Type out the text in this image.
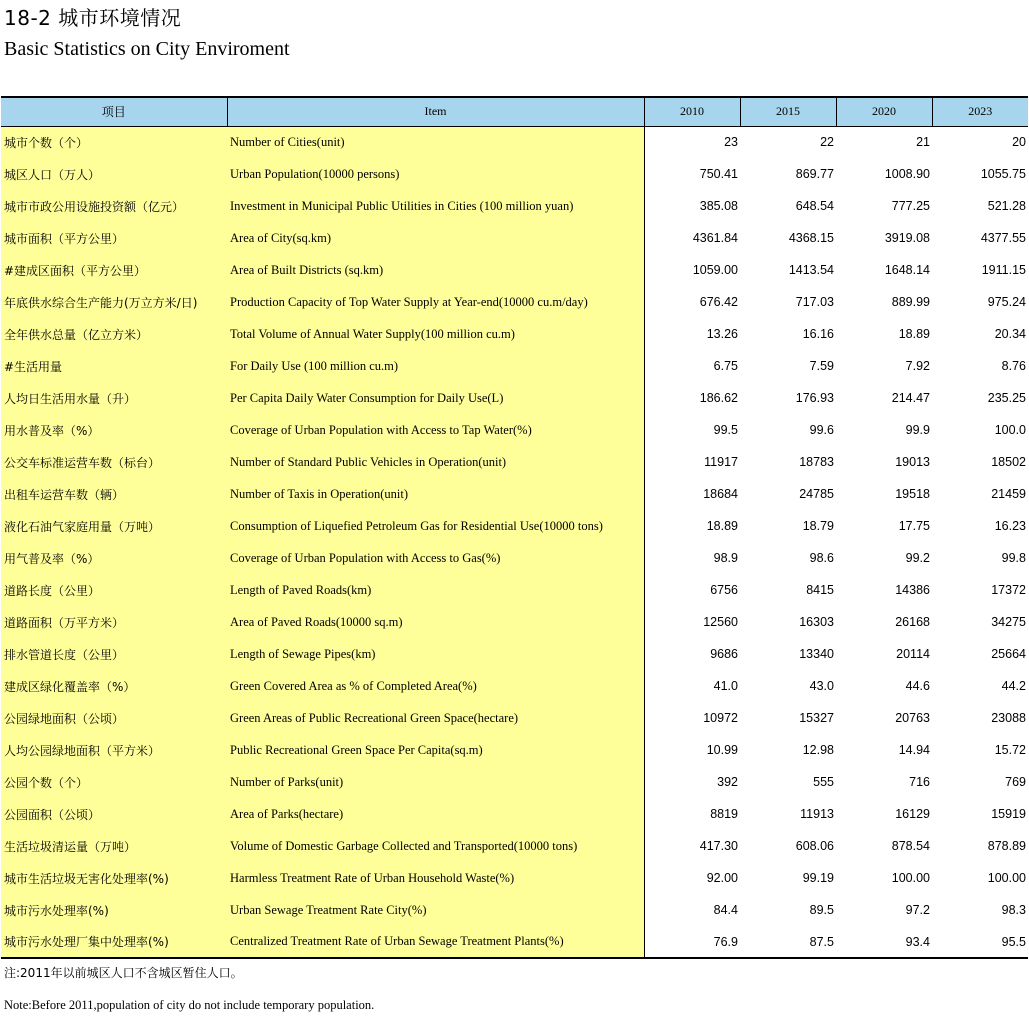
18-2 城市环境情况
Basic Statistics on City Enviroment
项目	Item	2010	2015	2020	2023
城市个数（个）	Number of Cities(unit)	23	22	21	20
城区人口（万人）	Urban Population(10000 persons)	750.41	869.77	1008.90	1055.75
城市市政公用设施投资额（亿元）	Investment in Municipal Public Utilities in Cities (100 million yuan)	385.08	648.54	777.25	521.28
城市面积（平方公里）	Area of City(sq.km)	4361.84	4368.15	3919.08	4377.55
#建成区面积（平方公里）	Area of Built Districts (sq.km)	1059.00	1413.54	1648.14	1911.15
年底供水综合生产能力(万立方米/日)	Production Capacity of Top Water Supply at Year-end(10000 cu.m/day)	676.42	717.03	889.99	975.24
全年供水总量（亿立方米）	Total Volume of Annual Water Supply(100 million cu.m)	13.26	16.16	18.89	20.34
#生活用量	For Daily Use (100 million cu.m)	6.75	7.59	7.92	8.76
人均日生活用水量（升）	Per Capita Daily Water Consumption for Daily Use(L)	186.62	176.93	214.47	235.25
用水普及率（%）	Coverage of Urban Population with Access to Tap Water(%)	99.5	99.6	99.9	100.0
公交车标准运营车数（标台）	Number of Standard Public Vehicles in Operation(unit)	11917	18783	19013	18502
出租车运营车数（辆）	Number of Taxis in Operation(unit)	18684	24785	19518	21459
液化石油气家庭用量（万吨）	Consumption of Liquefied Petroleum Gas for Residential Use(10000 tons)	18.89	18.79	17.75	16.23
用气普及率（%）	Coverage of Urban Population with Access to Gas(%)	98.9	98.6	99.2	99.8
道路长度（公里）	Length of Paved Roads(km)	6756	8415	14386	17372
道路面积（万平方米）	Area of Paved Roads(10000 sq.m)	12560	16303	26168	34275
排水管道长度（公里）	Length of Sewage Pipes(km)	9686	13340	20114	25664
建成区绿化覆盖率（%）	Green Covered Area as % of Completed Area(%)	41.0	43.0	44.6	44.2
公园绿地面积（公顷）	Green Areas of Public Recreational Green Space(hectare)	10972	15327	20763	23088
人均公园绿地面积（平方米）	Public Recreational Green Space Per Capita(sq.m)	10.99	12.98	14.94	15.72
公园个数（个）	Number of Parks(unit)	392	555	716	769
公园面积（公顷）	Area of Parks(hectare)	8819	11913	16129	15919
生活垃圾清运量（万吨）	Volume of Domestic Garbage Collected and Transported(10000 tons)	417.30	608.06	878.54	878.89
城市生活垃圾无害化处理率(%)	Harmless Treatment Rate of Urban Household Waste(%)	92.00	99.19	100.00	100.00
城市污水处理率(%)	Urban Sewage Treatment Rate City(%)	84.4	89.5	97.2	98.3
城市污水处理厂集中处理率(%)	Centralized Treatment Rate of Urban Sewage Treatment Plants(%)	76.9	87.5	93.4	95.5
注:2011年以前城区人口不含城区暂住人口。
Note:Before 2011,population of city do not include temporary population.
